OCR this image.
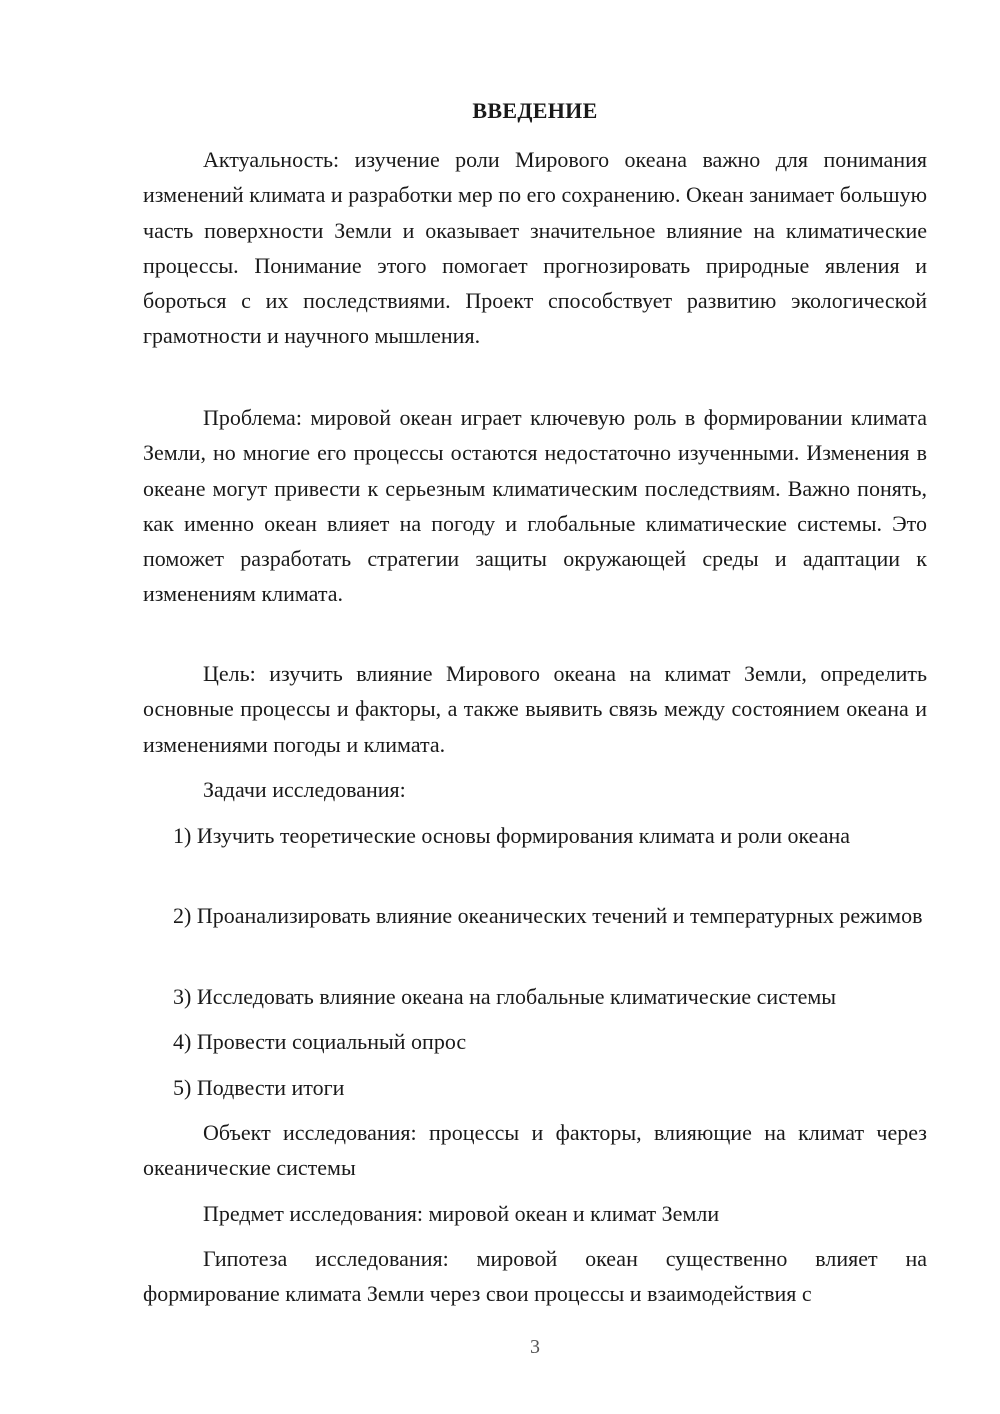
ВВЕДЕНИЕ

Актуальность: изучение роли Мирового океана важно для понимания изменений климата и разработки мер по его сохранению. Океан занимает большую часть поверхности Земли и оказывает значительное влияние на климатические процессы. Понимание этого помогает прогнозировать природные явления и бороться с их последствиями. Проект способствует развитию экологической грамотности и научного мышления.

Проблема: мировой океан играет ключевую роль в формировании климата Земли, но многие его процессы остаются недостаточно изученными. Изменения в океане могут привести к серьезным климатическим последствиям. Важно понять, как именно океан влияет на погоду и глобальные климатические системы. Это поможет разработать стратегии защиты окружающей среды и адаптации к изменениям климата.

Цель: изучить влияние Мирового океана на климат Земли, определить основные процессы и факторы, а также выявить связь между состоянием океана и изменениями погоды и климата.

Задачи исследования:

1) Изучить теоретические основы формирования климата и роли океана

2) Проанализировать влияние океанических течений и температурных режимов

3) Исследовать влияние океана на глобальные климатические системы

4) Провести социальный опрос

5) Подвести итоги

Объект исследования: процессы и факторы, влияющие на климат через океанические системы

Предмет исследования: мировой океан и климат Земли

Гипотеза исследования: мировой океан существенно влияет на формирование климата Земли через свои процессы и взаимодействия с

3
